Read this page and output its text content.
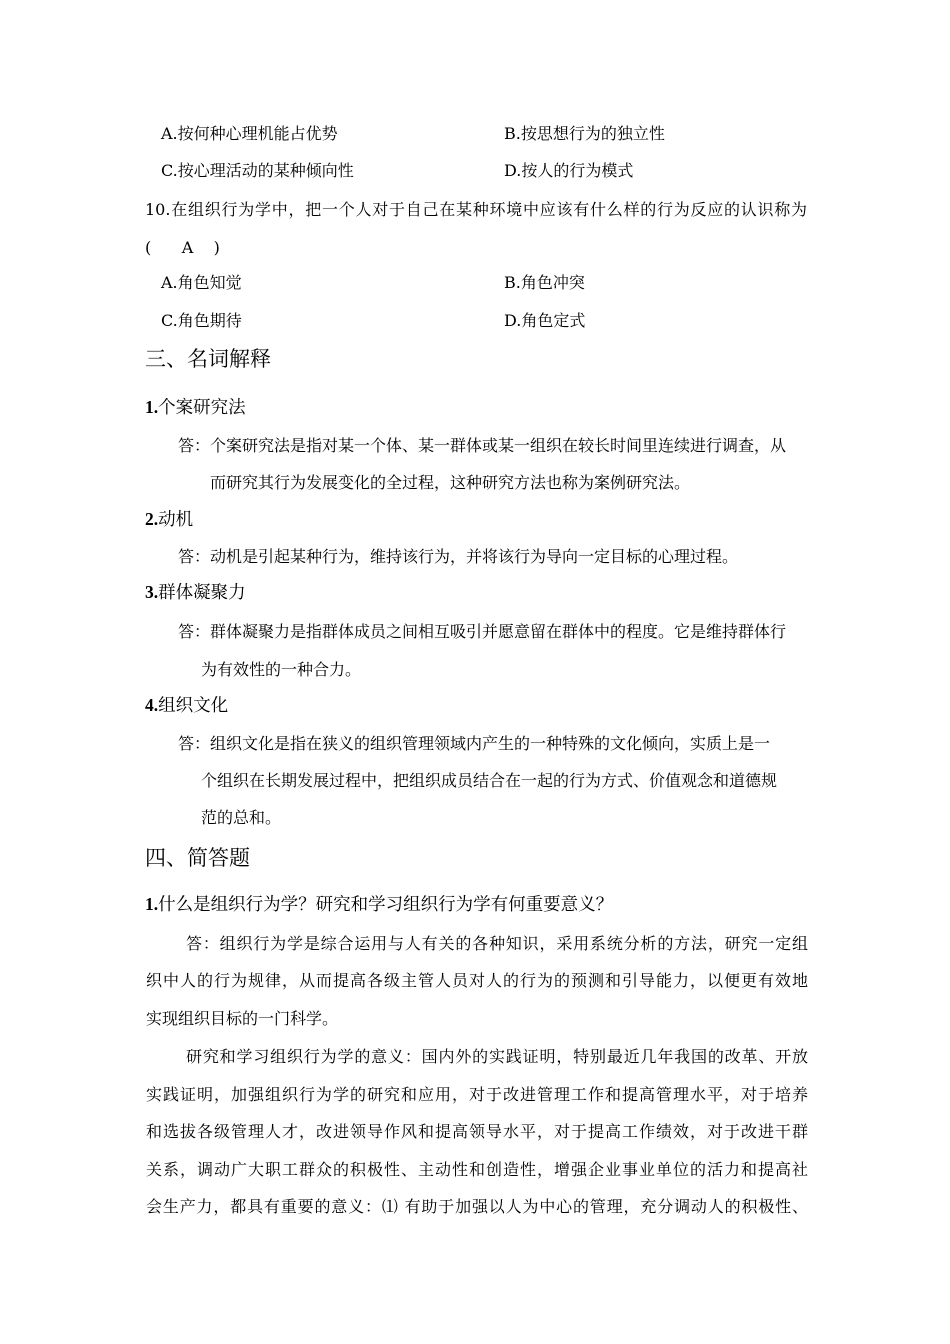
A.按何种心理机能占优势	B.按思想行为的独立性
C.按心理活动的某种倾向性	D.按人的行为模式
10.在组织行为学中，把一个人对于自己在某种环境中应该有什么样的行为反应的认识称为
(      A    )
A.角色知觉	B.角色冲突
C.角色期待	D.角色定式
三、名词解释
1.个案研究法
答：个案研究法是指对某一个体、某一群体或某一组织在较长时间里连续进行调查，从
而研究其行为发展变化的全过程，这种研究方法也称为案例研究法。
2.动机
答：动机是引起某种行为，维持该行为，并将该行为导向一定目标的心理过程。
3.群体凝聚力
答：群体凝聚力是指群体成员之间相互吸引并愿意留在群体中的程度。它是维持群体行
为有效性的一种合力。
4.组织文化
答：组织文化是指在狭义的组织管理领域内产生的一种特殊的文化倾向，实质上是一
个组织在长期发展过程中，把组织成员结合在一起的行为方式、价值观念和道德规
范的总和。
四、简答题
1.什么是组织行为学？研究和学习组织行为学有何重要意义？
答：组织行为学是综合运用与人有关的各种知识，采用系统分析的方法，研究一定组
织中人的行为规律，从而提高各级主管人员对人的行为的预测和引导能力，以便更有效地
实现组织目标的一门科学。
研究和学习组织行为学的意义：国内外的实践证明，特别最近几年我国的改革、开放
实践证明，加强组织行为学的研究和应用，对于改进管理工作和提高管理水平，对于培养
和选拔各级管理人才，改进领导作风和提高领导水平，对于提高工作绩效，对于改进干群
关系，调动广大职工群众的积极性、主动性和创造性，增强企业事业单位的活力和提高社
会生产力，都具有重要的意义：⑴ 有助于加强以人为中心的管理，充分调动人的积极性、
